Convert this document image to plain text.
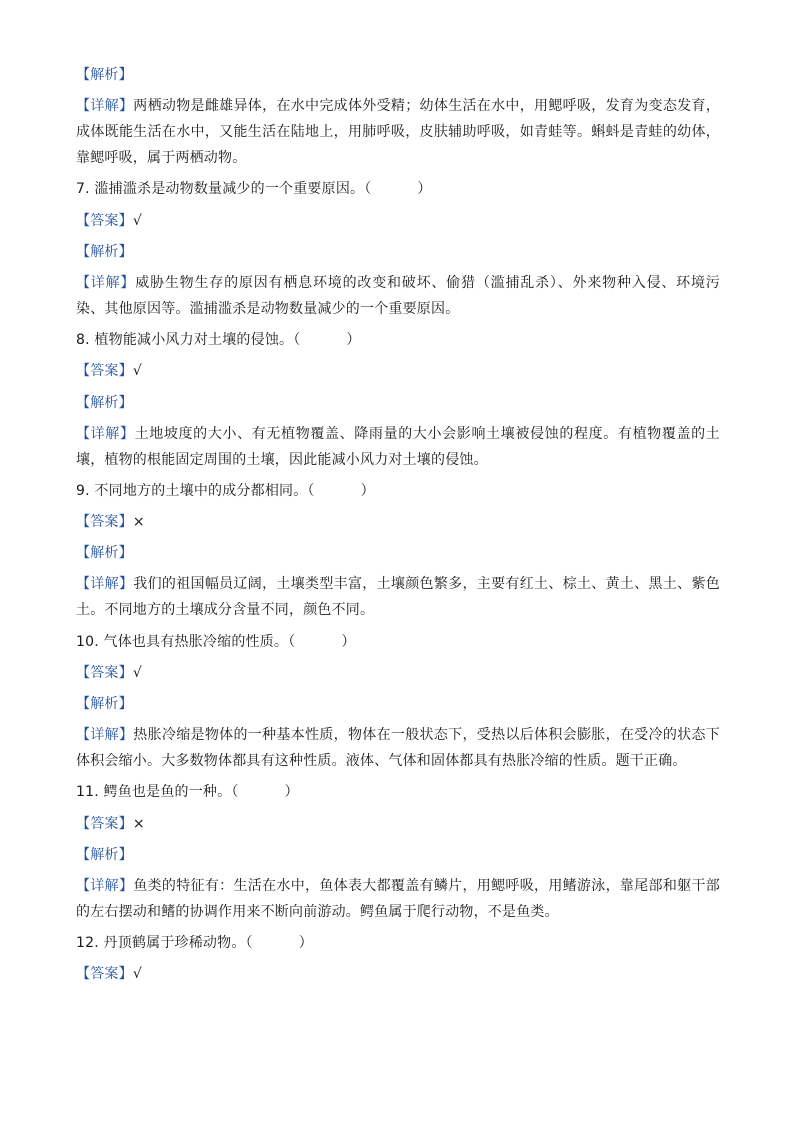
【解析】

【详解】两栖动物是雌雄异体，在水中完成体外受精；幼体生活在水中，用鳃呼吸，发育为变态发育，成体既能生活在水中，又能生活在陆地上，用肺呼吸，皮肤辅助呼吸，如青蛙等。蝌蚪是青蛙的幼体，靠鳃呼吸，属于两栖动物。

7. 滥捕滥杀是动物数量减少的一个重要原因。（	）

【答案】√

【解析】

【详解】威胁生物生存的原因有栖息环境的改变和破坏、偷猎（滥捕乱杀）、外来物种入侵、环境污染、其他原因等。滥捕滥杀是动物数量减少的一个重要原因。

8. 植物能减小风力对土壤的侵蚀。（	）

【答案】√

【解析】

【详解】土地坡度的大小、有无植物覆盖、降雨量的大小会影响土壤被侵蚀的程度。有植物覆盖的土壤，植物的根能固定周围的土壤，因此能减小风力对土壤的侵蚀。

9. 不同地方的土壤中的成分都相同。（	）

【答案】×

【解析】

【详解】我们的祖国幅员辽阔，土壤类型丰富，土壤颜色繁多，主要有红土、棕土、黄土、黑土、紫色土。不同地方的土壤成分含量不同，颜色不同。

10. 气体也具有热胀冷缩的性质。（	）

【答案】√

【解析】

【详解】热胀冷缩是物体的一种基本性质，物体在一般状态下，受热以后体积会膨胀，在受冷的状态下体积会缩小。大多数物体都具有这种性质。液体、气体和固体都具有热胀冷缩的性质。题干正确。

11. 鳄鱼也是鱼的一种。（	）

【答案】×

【解析】

【详解】鱼类的特征有：生活在水中，鱼体表大都覆盖有鳞片，用鳃呼吸，用鳍游泳，靠尾部和躯干部的左右摆动和鳍的协调作用来不断向前游动。鳄鱼属于爬行动物，不是鱼类。

12. 丹顶鹤属于珍稀动物。（	）

【答案】√
